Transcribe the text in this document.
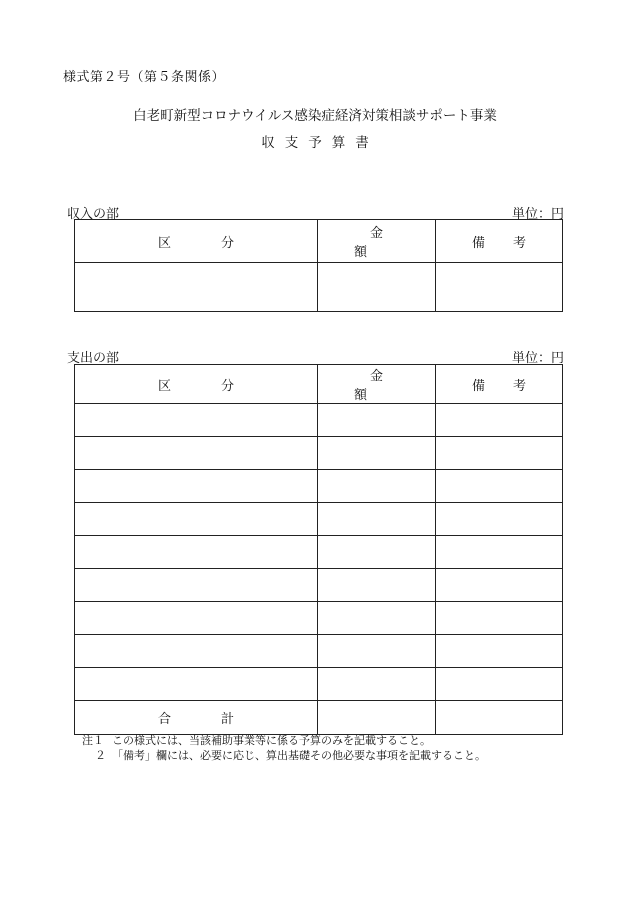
様式第２号（第５条関係）
白老町新型コロナウイルス感染症経済対策相談サポート事業
収支予算書
収入の部	単位：円
区分	金額	備考

支出の部	単位：円
区分	金額	備考

合計		
注１ この様式には、当該補助事業等に係る予算のみを記載すること。
２ 「備考」欄には、必要に応じ、算出基礎その他必要な事項を記載すること。
